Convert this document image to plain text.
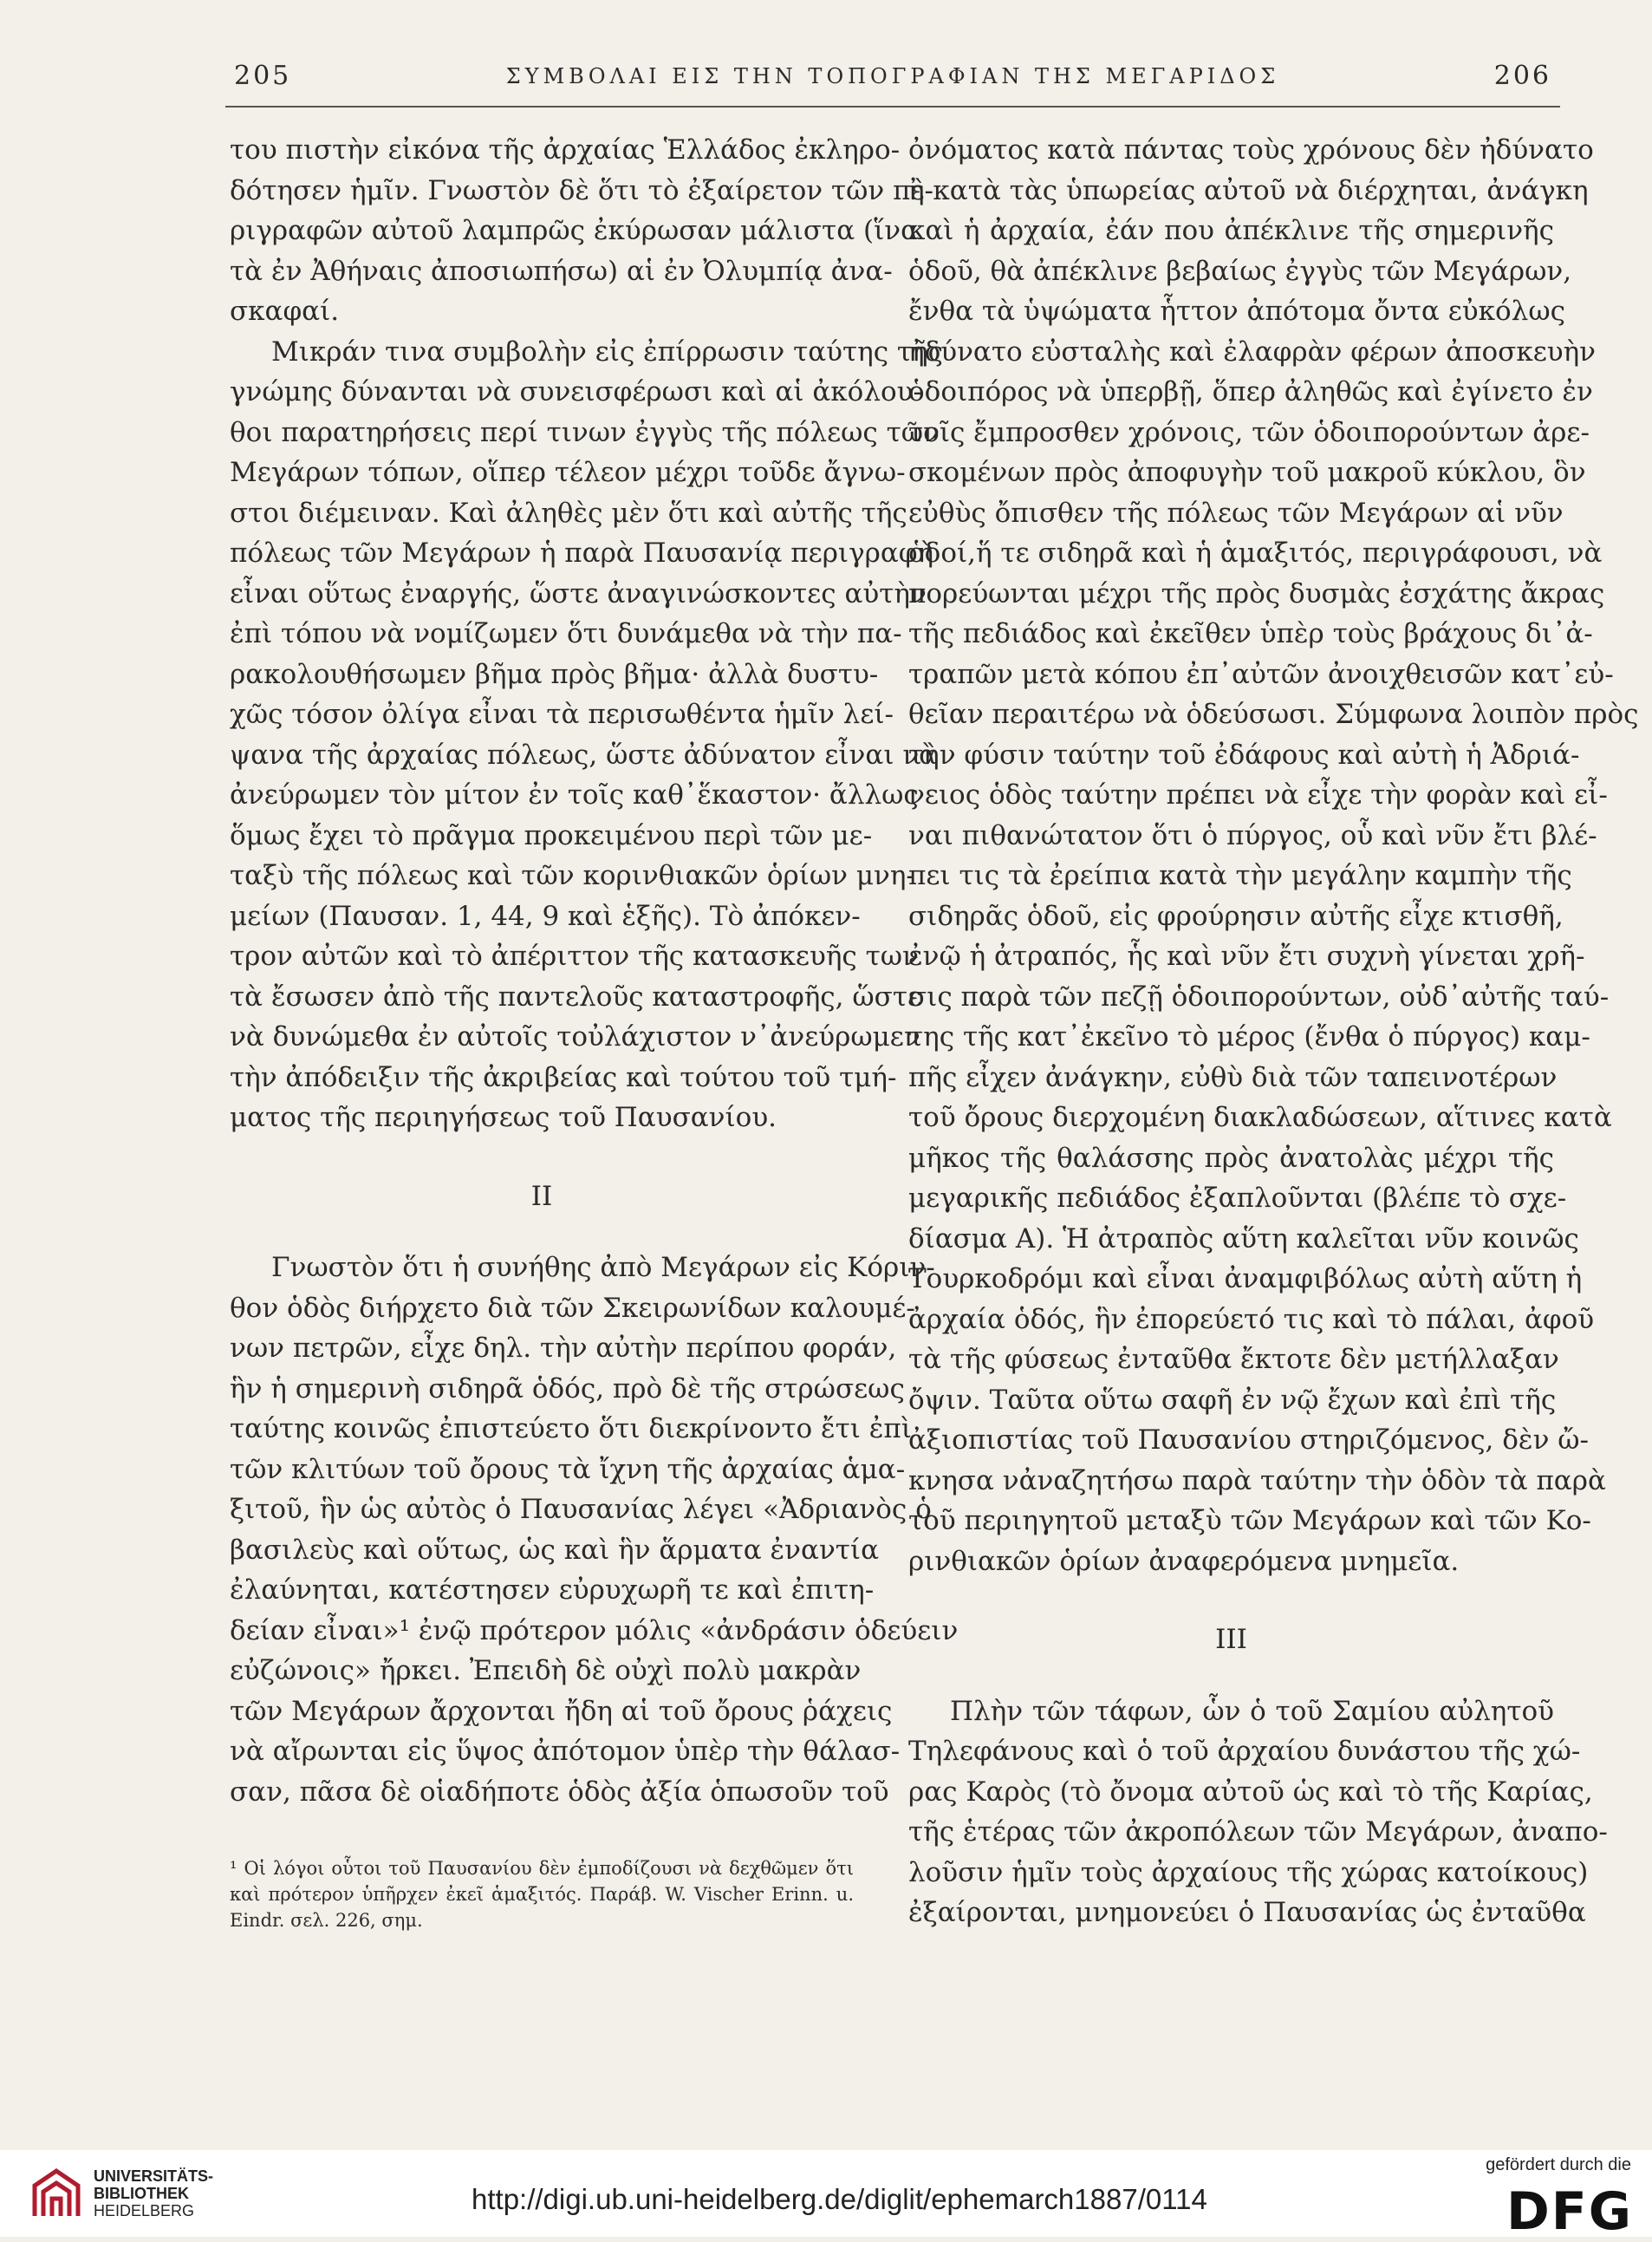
205	ΣΥΜΒΟΛΑΙ ΕΙΣ ΤΗΝ ΤΟΠΟΓΡΑΦΙΑΝ ΤΗΣ ΜΕΓΑΡΙΔΟΣ	206
του πιστὴν εἰκόνα τῆς ἀρχαίας Ἑλλάδος ἐκληρο-
δότησεν ἡμῖν. Γνωστὸν δὲ ὅτι τὸ ἐξαίρετον τῶν πε-
ριγραφῶν αὐτοῦ λαμπρῶς ἐκύρωσαν μάλιστα (ἵνα
τὰ ἐν Ἀθήναις ἀποσιωπήσω) αἱ ἐν Ὀλυμπίᾳ ἀνα-
σκαφαί.
Μικράν τινα συμβολὴν εἰς ἐπίρρωσιν ταύτης τῆς
γνώμης δύνανται νὰ συνεισφέρωσι καὶ αἱ ἀκόλου-
θοι παρατηρήσεις περί τινων ἐγγὺς τῆς πόλεως τῶν
Μεγάρων τόπων, οἵπερ τέλεον μέχρι τοῦδε ἄγνω-
στοι διέμειναν. Καὶ ἀληθὲς μὲν ὅτι καὶ αὐτῆς τῆς
πόλεως τῶν Μεγάρων ἡ παρὰ Παυσανίᾳ περιγραφὴ
εἶναι οὕτως ἐναργής, ὥστε ἀναγινώσκοντες αὐτὴν
ἐπὶ τόπου νὰ νομίζωμεν ὅτι δυνάμεθα νὰ τὴν πα-
ρακολουθήσωμεν βῆμα πρὸς βῆμα· ἀλλὰ δυστυ-
χῶς τόσον ὀλίγα εἶναι τὰ περισωθέντα ἡμῖν λεί-
ψανα τῆς ἀρχαίας πόλεως, ὥστε ἀδύνατον εἶναι νὰ
ἀνεύρωμεν τὸν μίτον ἐν τοῖς καθ᾽ἕκαστον· ἄλλως
ὅμως ἔχει τὸ πρᾶγμα προκειμένου περὶ τῶν με-
ταξὺ τῆς πόλεως καὶ τῶν κορινθιακῶν ὁρίων μνη-
μείων (Παυσαν. 1, 44, 9 καὶ ἑξῆς). Τὸ ἀπόκεν-
τρον αὐτῶν καὶ τὸ ἀπέριττον τῆς κατασκευῆς των
τὰ ἔσωσεν ἀπὸ τῆς παντελοῦς καταστροφῆς, ὥστε
νὰ δυνώμεθα ἐν αὐτοῖς τοὐλάχιστον ν᾽ἀνεύρωμεν
τὴν ἀπόδειξιν τῆς ἀκριβείας καὶ τούτου τοῦ τμή-
ματος τῆς περιηγήσεως τοῦ Παυσανίου.
II
Γνωστὸν ὅτι ἡ συνήθης ἀπὸ Μεγάρων εἰς Κόριν-
θον ὁδὸς διήρχετο διὰ τῶν Σκειρωνίδων καλουμέ-
νων πετρῶν, εἶχε δηλ. τὴν αὐτὴν περίπου φοράν,
ἣν ἡ σημερινὴ σιδηρᾶ ὁδός, πρὸ δὲ τῆς στρώσεως
ταύτης κοινῶς ἐπιστεύετο ὅτι διεκρίνοντο ἔτι ἐπὶ
τῶν κλιτύων τοῦ ὄρους τὰ ἴχνη τῆς ἀρχαίας ἁμα-
ξιτοῦ, ἣν ὡς αὐτὸς ὁ Παυσανίας λέγει «Ἀδριανὸς ὁ
βασιλεὺς καὶ οὕτως, ὡς καὶ ἣν ἅρματα ἐναντία
ἐλαύνηται, κατέστησεν εὐρυχωρῆ τε καὶ ἐπιτη-
δείαν εἶναι»¹ ἐνῷ πρότερον μόλις «ἀνδράσιν ὁδεύειν
εὐζώνοις» ἤρκει. Ἐπειδὴ δὲ οὐχὶ πολὺ μακρὰν
τῶν Μεγάρων ἄρχονται ἤδη αἱ τοῦ ὄρους ῥάχεις
νὰ αἴρωνται εἰς ὕψος ἀπότομον ὑπὲρ τὴν θάλασ-
σαν, πᾶσα δὲ οἱαδήποτε ὁδὸς ἀξία ὁπωσοῦν τοῦ
¹ Οἱ λόγοι οὗτοι τοῦ Παυσανίου δὲν ἐμποδίζουσι νὰ δεχθῶμεν ὅτι
καὶ πρότερον ὑπῆρχεν ἐκεῖ ἁμαξιτός. Παράβ. W. Vischer Erinn. u.
Eindr. σελ. 226, σημ.
ὀνόματος κατὰ πάντας τοὺς χρόνους δὲν ἠδύνατο
ἢ κατὰ τὰς ὑπωρείας αὐτοῦ νὰ διέρχηται, ἀνάγκη
καὶ ἡ ἀρχαία, ἐάν που ἀπέκλινε τῆς σημερινῆς
ὁδοῦ, θὰ ἀπέκλινε βεβαίως ἐγγὺς τῶν Μεγάρων,
ἔνθα τὰ ὑψώματα ἧττον ἀπότομα ὄντα εὐκόλως
ἠδύνατο εὐσταλὴς καὶ ἐλαφρὰν φέρων ἀποσκευὴν
ὁδοιπόρος νὰ ὑπερβῇ, ὅπερ ἀληθῶς καὶ ἐγίνετο ἐν
τοῖς ἔμπροσθεν χρόνοις, τῶν ὁδοιπορούντων ἀρε-
σκομένων πρὸς ἀποφυγὴν τοῦ μακροῦ κύκλου, ὃν
εὐθὺς ὄπισθεν τῆς πόλεως τῶν Μεγάρων αἱ νῦν
ὁδοί,ἥ τε σιδηρᾶ καὶ ἡ ἁμαξιτός, περιγράφουσι, νὰ
πορεύωνται μέχρι τῆς πρὸς δυσμὰς ἐσχάτης ἄκρας
τῆς πεδιάδος καὶ ἐκεῖθεν ὑπὲρ τοὺς βράχους δι᾽ἀ-
τραπῶν μετὰ κόπου ἐπ᾽αὐτῶν ἀνοιχθεισῶν κατ᾽εὐ-
θεῖαν περαιτέρω νὰ ὁδεύσωσι. Σύμφωνα λοιπὸν πρὸς
τὴν φύσιν ταύτην τοῦ ἐδάφους καὶ αὐτὴ ἡ Ἀδριά-
νειος ὁδὸς ταύτην πρέπει νὰ εἶχε τὴν φορὰν καὶ εἶ-
ναι πιθανώτατον ὅτι ὁ πύργος, οὗ καὶ νῦν ἔτι βλέ-
πει τις τὰ ἐρείπια κατὰ τὴν μεγάλην καμπὴν τῆς
σιδηρᾶς ὁδοῦ, εἰς φρούρησιν αὐτῆς εἶχε κτισθῆ,
ἐνῷ ἡ ἀτραπός, ἧς καὶ νῦν ἔτι συχνὴ γίνεται χρῆ-
σις παρὰ τῶν πεζῇ ὁδοιπορούντων, οὐδ᾽αὐτῆς ταύ-
της τῆς κατ᾽ἐκεῖνο τὸ μέρος (ἔνθα ὁ πύργος) καμ-
πῆς εἶχεν ἀνάγκην, εὐθὺ διὰ τῶν ταπεινοτέρων
τοῦ ὄρους διερχομένη διακλαδώσεων, αἵτινες κατὰ
μῆκος τῆς θαλάσσης πρὸς ἀνατολὰς μέχρι τῆς
μεγαρικῆς πεδιάδος ἐξαπλοῦνται (βλέπε τὸ σχε-
δίασμα Α). Ἡ ἀτραπὸς αὕτη καλεῖται νῦν κοινῶς
Τουρκοδρόμι καὶ εἶναι ἀναμφιβόλως αὐτὴ αὕτη ἡ
ἀρχαία ὁδός, ἣν ἐπορεύετό τις καὶ τὸ πάλαι, ἀφοῦ
τὰ τῆς φύσεως ἐνταῦθα ἔκτοτε δὲν μετήλλαξαν
ὄψιν. Ταῦτα οὕτω σαφῆ ἐν νῷ ἔχων καὶ ἐπὶ τῆς
ἀξιοπιστίας τοῦ Παυσανίου στηριζόμενος, δὲν ὤ-
κνησα νἀναζητήσω παρὰ ταύτην τὴν ὁδὸν τὰ παρὰ
τοῦ περιηγητοῦ μεταξὺ τῶν Μεγάρων καὶ τῶν Κο-
ρινθιακῶν ὁρίων ἀναφερόμενα μνημεῖα.
III
Πλὴν τῶν τάφων, ὧν ὁ τοῦ Σαμίου αὐλητοῦ
Τηλεφάνους καὶ ὁ τοῦ ἀρχαίου δυνάστου τῆς χώ-
ρας Καρὸς (τὸ ὄνομα αὐτοῦ ὡς καὶ τὸ τῆς Καρίας,
τῆς ἑτέρας τῶν ἀκροπόλεων τῶν Μεγάρων, ἀναπο-
λοῦσιν ἡμῖν τοὺς ἀρχαίους τῆς χώρας κατοίκους)
ἐξαίρονται, μνημονεύει ὁ Παυσανίας ὡς ἐνταῦθα
UNIVERSITÄTS-
BIBLIOTHEK
HEIDELBERG	http://digi.ub.uni-heidelberg.de/diglit/ephemarch1887/0114
gefördert durch die
DFG
